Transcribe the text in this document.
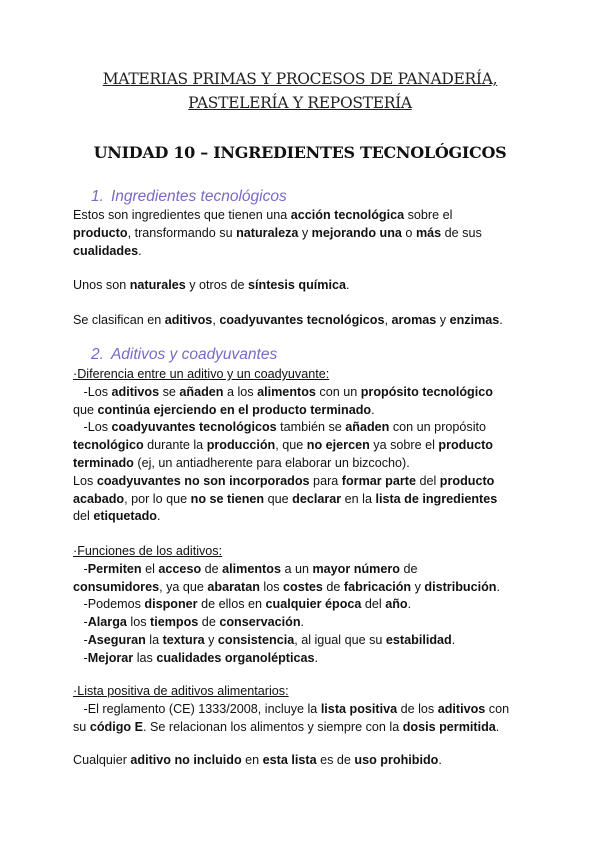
MATERIAS PRIMAS Y PROCESOS DE PANADERÍA,
PASTELERÍA Y REPOSTERÍA
UNIDAD 10 – INGREDIENTES TECNOLÓGICOS
1. Ingredientes tecnológicos
2. Aditivos y coadyuvantes
Estos son ingredientes que tienen una acción tecnológica sobre el
producto, transformando su naturaleza y mejorando una o más de sus
cualidades.
Unos son naturales y otros de síntesis química.
Se clasifican en aditivos, coadyuvantes tecnológicos, aromas y enzimas.
·Diferencia entre un aditivo y un coadyuvante:
-Los aditivos se añaden a los alimentos con un propósito tecnológico
que continúa ejerciendo en el producto terminado.
-Los coadyuvantes tecnológicos también se añaden con un propósito
tecnológico durante la producción, que no ejercen ya sobre el producto
terminado (ej, un antiadherente para elaborar un bizcocho).
Los coadyuvantes no son incorporados para formar parte del producto
acabado, por lo que no se tienen que declarar en la lista de ingredientes
del etiquetado.
·Funciones de los aditivos:
-Permiten el acceso de alimentos a un mayor número de
consumidores, ya que abaratan los costes de fabricación y distribución.
-Podemos disponer de ellos en cualquier época del año.
-Alarga los tiempos de conservación.
-Aseguran la textura y consistencia, al igual que su estabilidad.
-Mejorar las cualidades organolépticas.
·Lista positiva de aditivos alimentarios:
-El reglamento (CE) 1333/2008, incluye la lista positiva de los aditivos con
su código E. Se relacionan los alimentos y siempre con la dosis permitida.
Cualquier aditivo no incluido en esta lista es de uso prohibido.
